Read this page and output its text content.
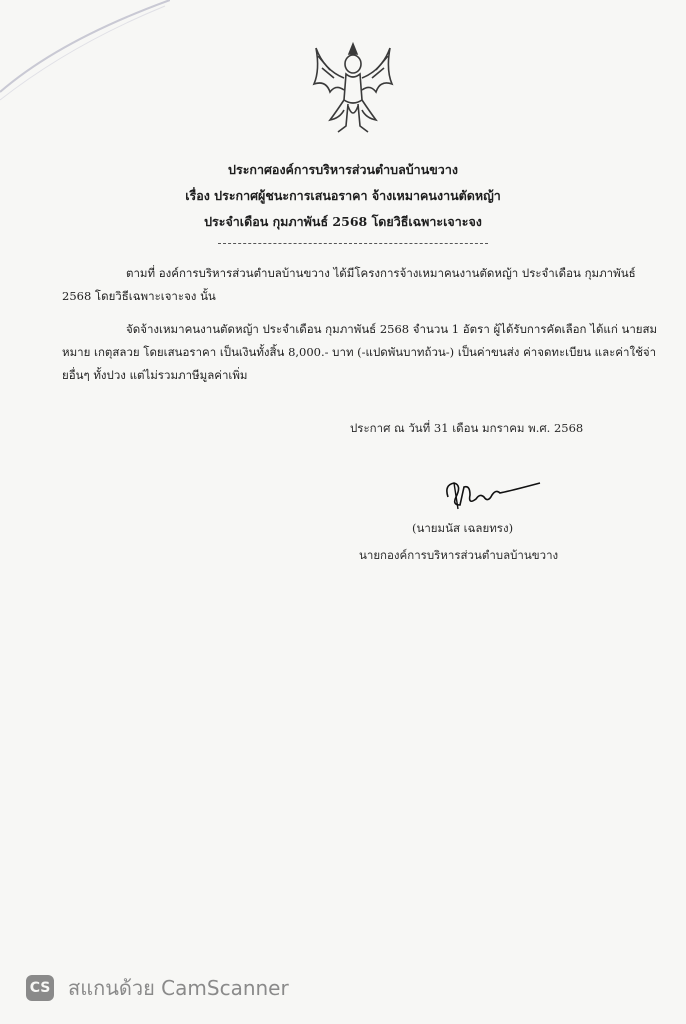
ประกาศองค์การบริหารส่วนตำบลบ้านขวาง
เรื่อง ประกาศผู้ชนะการเสนอราคา จ้างเหมาคนงานตัดหญ้า
ประจำเดือน กุมภาพันธ์ 2568 โดยวิธีเฉพาะเจาะจง
ตามที่ องค์การบริหารส่วนตำบลบ้านขวาง ได้มีโครงการจ้างเหมาคนงานตัดหญ้า ประจำเดือน กุมภาพันธ์ 2568 โดยวิธีเฉพาะเจาะจง นั้น
จัดจ้างเหมาคนงานตัดหญ้า ประจำเดือน กุมภาพันธ์ 2568 จำนวน 1 อัตรา ผู้ได้รับการคัดเลือก ได้แก่ นายสมหมาย เกตุสลวย โดยเสนอราคา เป็นเงินทั้งสิ้น 8,000.- บาท (-แปดพันบาทถ้วน-) เป็นค่าขนส่ง ค่าจดทะเบียน และค่าใช้จ่ายอื่นๆ ทั้งปวง แต่ไม่รวมภาษีมูลค่าเพิ่ม
ประกาศ ณ วันที่ 31 เดือน มกราคม พ.ศ. 2568
(นายมนัส เฉลยทรง)
นายกองค์การบริหารส่วนตำบลบ้านขวาง
CS สแกนด้วย CamScanner
